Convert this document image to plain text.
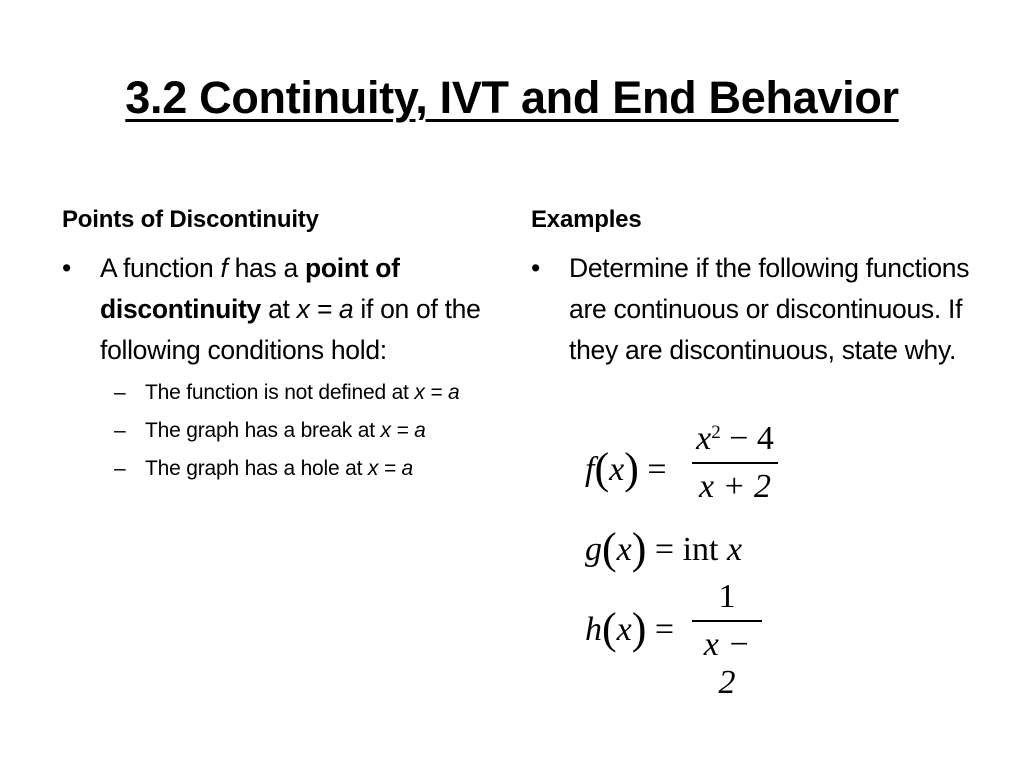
3.2 Continuity, IVT and End Behavior
Points of Discontinuity
•	A function f has a point of discontinuity at x = a if on of the following conditions hold:
– The function is not defined at x = a
– The graph has a break at x = a
– The graph has a hole at x = a
Examples
•	Determine if the following functions are continuous or discontinuous. If they are discontinuous, state why.
$f(x) = \frac{x^2 - 4}{x + 2}$
g(x) = int x
$h(x) = \frac{1}{x - 2}$
